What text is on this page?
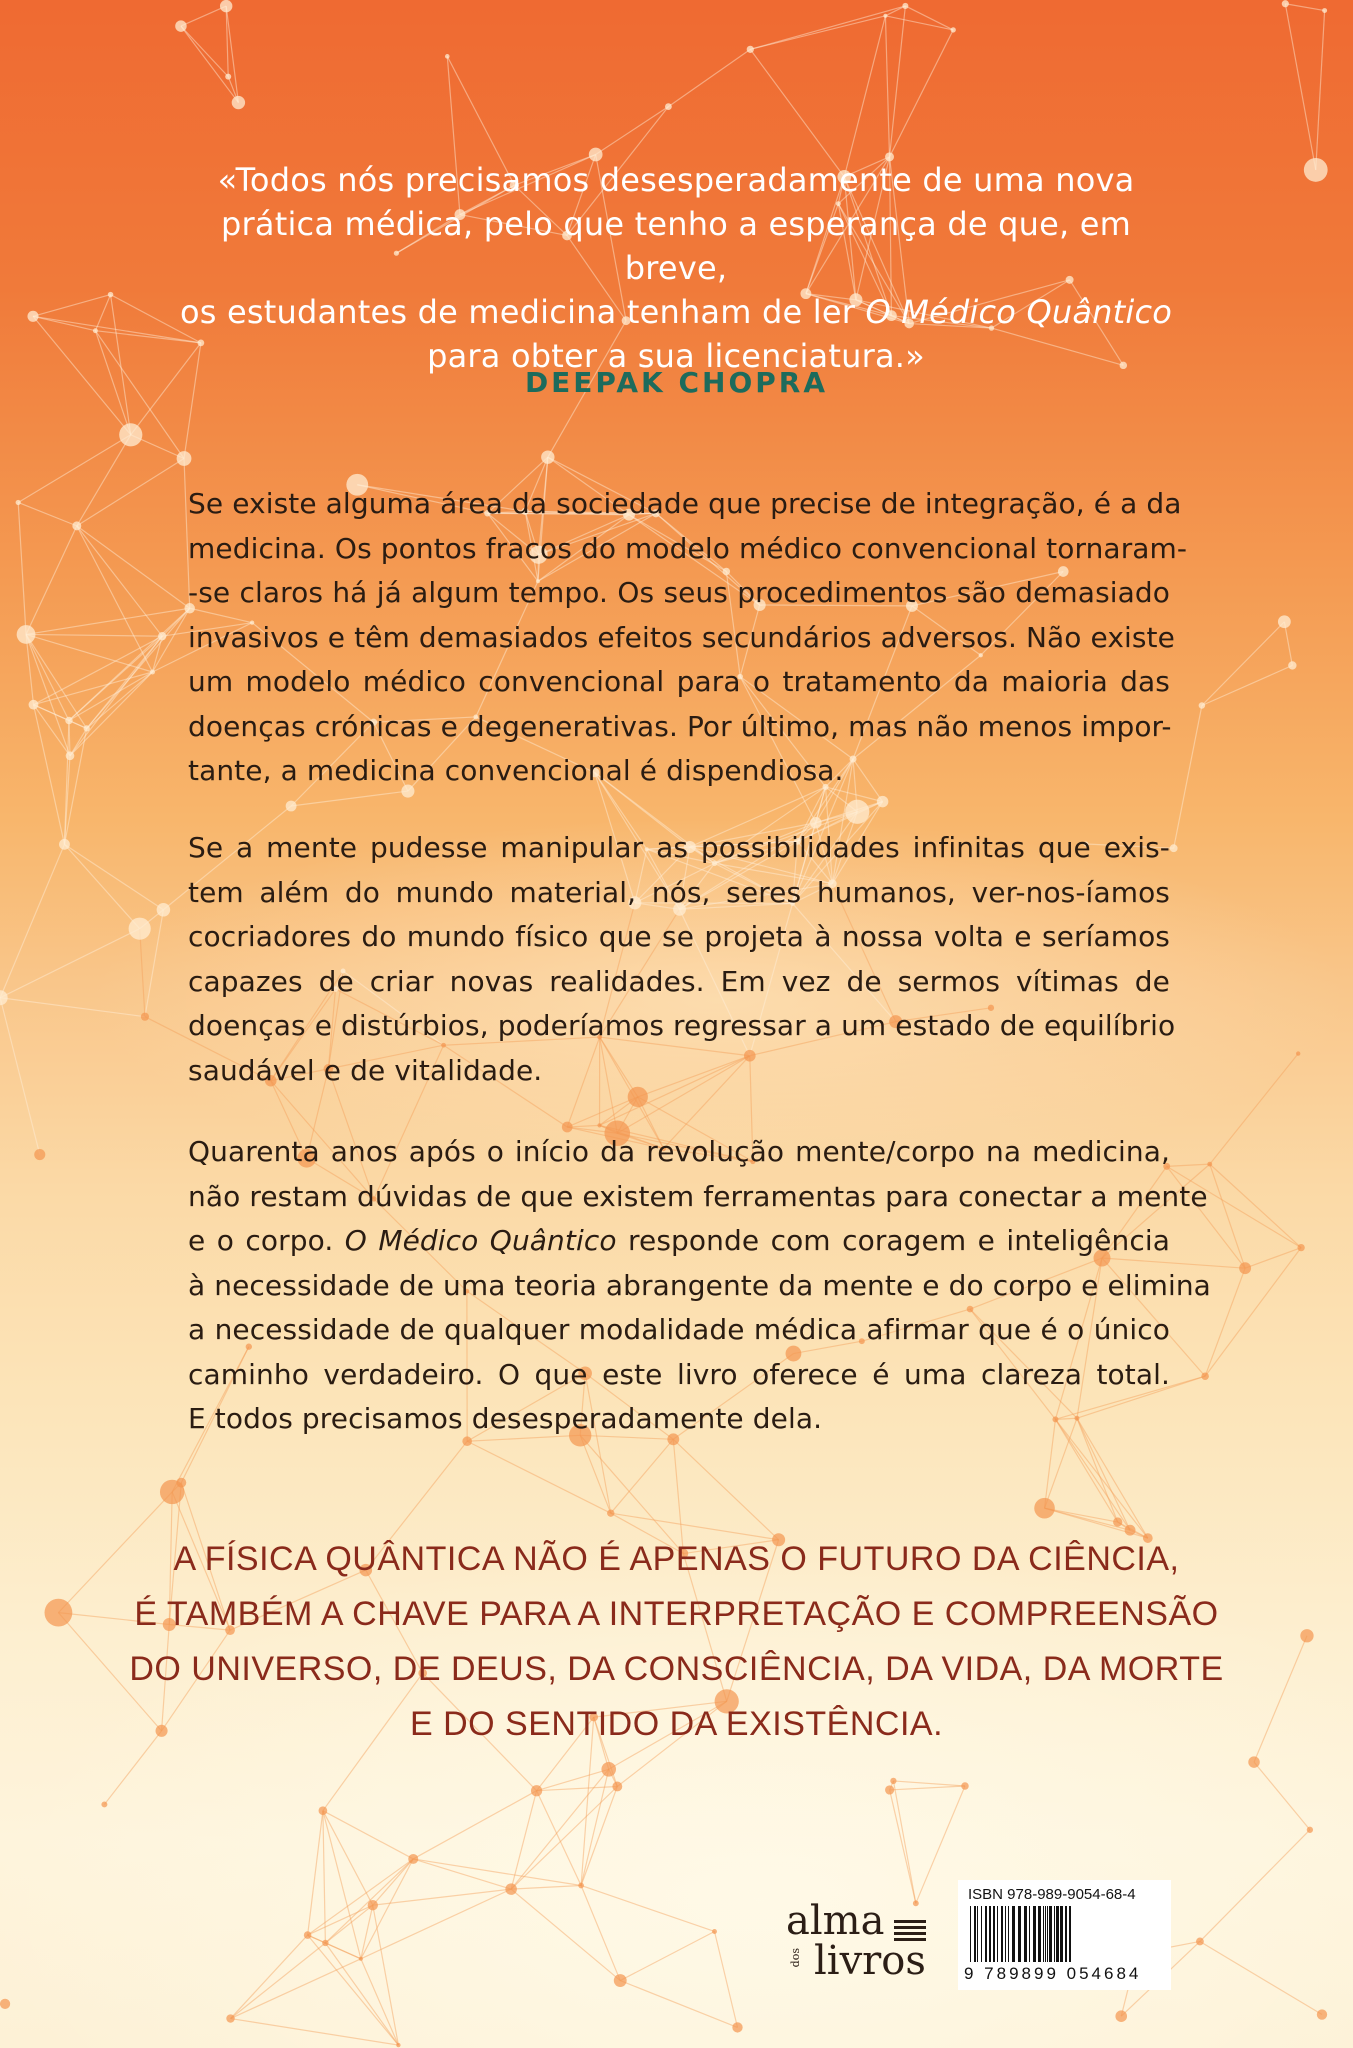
«Todos nós precisamos desesperadamente de uma nova
prática médica, pelo que tenho a esperança de que, em breve,
os estudantes de medicina tenham de ler O Médico Quântico
para obter a sua licenciatura.»
DEEPAK CHOPRA
Se existe alguma área da sociedade que precise de integração, é a da
medicina. Os pontos fracos do modelo médico convencional tornaram-
-se claros há já algum tempo. Os seus procedimentos são demasiado
invasivos e têm demasiados efeitos secundários adversos. Não existe
um modelo médico convencional para o tratamento da maioria das
doenças crónicas e degenerativas. Por último, mas não menos impor-
tante, a medicina convencional é dispendiosa.
Se a mente pudesse manipular as possibilidades infinitas que exis-
tem além do mundo material, nós, seres humanos, ver-nos-íamos
cocriadores do mundo físico que se projeta à nossa volta e seríamos
capazes de criar novas realidades. Em vez de sermos vítimas de
doenças e distúrbios, poderíamos regressar a um estado de equilíbrio
saudável e de vitalidade.
Quarenta anos após o início da revolução mente/corpo na medicina,
não restam dúvidas de que existem ferramentas para conectar a mente
e o corpo. O Médico Quântico responde com coragem e inteligência
à necessidade de uma teoria abrangente da mente e do corpo e elimina
a necessidade de qualquer modalidade médica afirmar que é o único
caminho verdadeiro. O que este livro oferece é uma clareza total.
E todos precisamos desesperadamente dela.
A FÍSICA QUÂNTICA NÃO É APENAS O FUTURO DA CIÊNCIA,
É TAMBÉM A CHAVE PARA A INTERPRETAÇÃO E COMPREENSÃO
DO UNIVERSO, DE DEUS, DA CONSCIÊNCIA, DA VIDA, DA MORTE
E DO SENTIDO DA EXISTÊNCIA.
alma
dos livros
ISBN 978-989-9054-68-4
9 789899 054684
